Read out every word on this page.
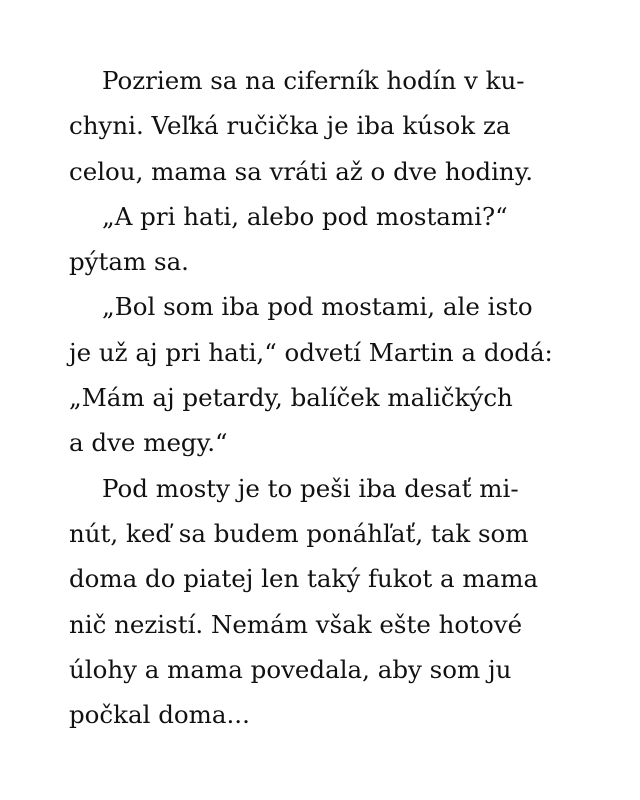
Pozriem sa na ciferník hodín v ku-
chyni. Veľká ručička je iba kúsok za
celou, mama sa vráti až o dve hodiny.
„A pri hati, alebo pod mostami?“
pýtam sa.
„Bol som iba pod mostami, ale isto
je už aj pri hati,“ odvetí Martin a dodá:
„Mám aj petardy, balíček maličkých
a dve megy.“
Pod mosty je to peši iba desať mi-
nút, keď sa budem ponáhľať, tak som
doma do piatej len taký fukot a mama
nič nezistí. Nemám však ešte hotové
úlohy a mama povedala, aby som ju
počkal doma...
